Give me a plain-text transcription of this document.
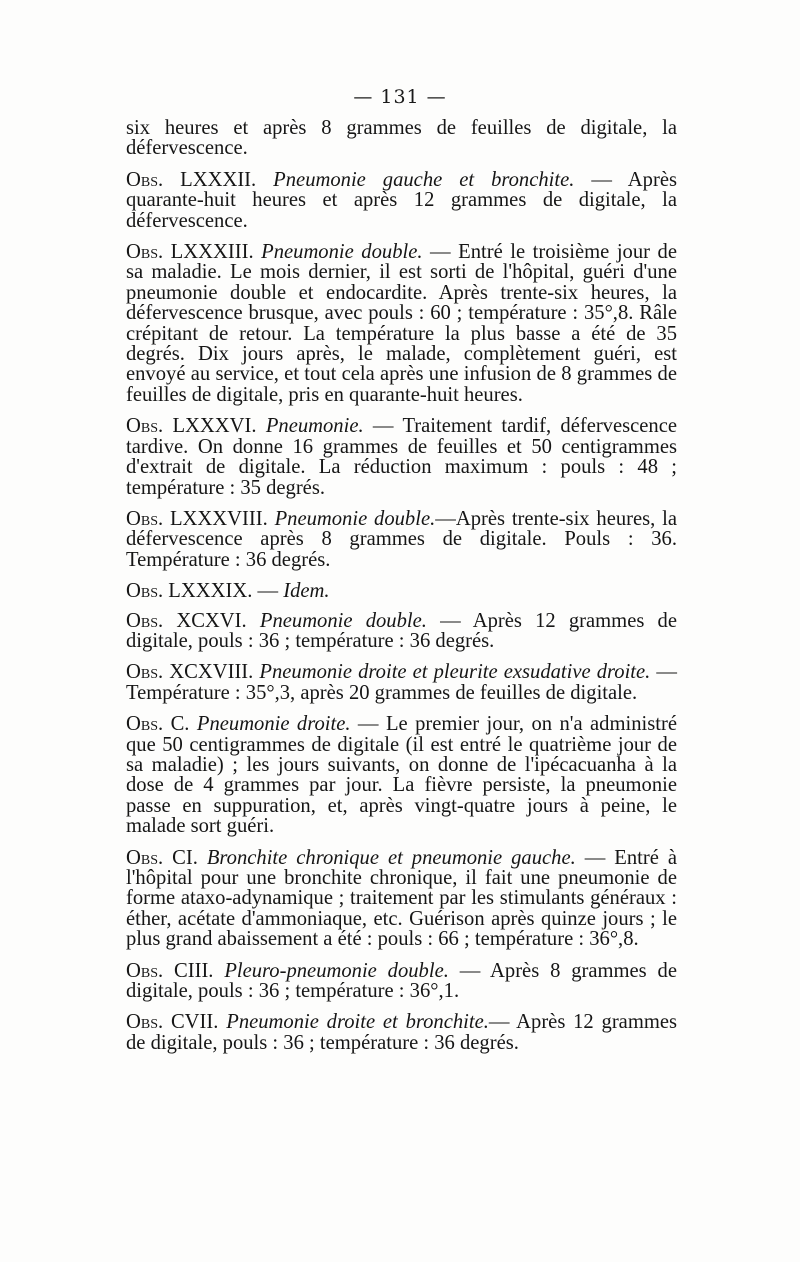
— 131 —

six heures et après 8 grammes de feuilles de digitale, la défervescence.

Obs. LXXXII. Pneumonie gauche et bronchite. — Après quarante-huit heures et après 12 grammes de digitale, la défervescence.

Obs. LXXXIII. Pneumonie double. — Entré le troisième jour de sa maladie. Le mois dernier, il est sorti de l'hôpital, guéri d'une pneumonie double et endocardite. Après trente-six heures, la défervescence brusque, avec pouls : 60 ; température : 35°,8. Râle crépitant de retour. La température la plus basse a été de 35 degrés. Dix jours après, le malade, complètement guéri, est envoyé au service, et tout cela après une infusion de 8 grammes de feuilles de digitale, pris en quarante-huit heures.

Obs. LXXXVI. Pneumonie. — Traitement tardif, défervescence tardive. On donne 16 grammes de feuilles et 50 centigrammes d'extrait de digitale. La réduction maximum : pouls : 48 ; température : 35 degrés.

Obs. LXXXVIII. Pneumonie double.—Après trente-six heures, la défervescence après 8 grammes de digitale. Pouls : 36. Température : 36 degrés.

Obs. LXXXIX. — Idem.

Obs. XCXVI. Pneumonie double. — Après 12 grammes de digitale, pouls : 36 ; température : 36 degrés.

Obs. XCXVIII. Pneumonie droite et pleurite exsudative droite. — Température : 35°,3, après 20 grammes de feuilles de digitale.

Obs. C. Pneumonie droite. — Le premier jour, on n'a administré que 50 centigrammes de digitale (il est entré le quatrième jour de sa maladie) ; les jours suivants, on donne de l'ipécacuanha à la dose de 4 grammes par jour. La fièvre persiste, la pneumonie passe en suppuration, et, après vingt-quatre jours à peine, le malade sort guéri.

Obs. CI. Bronchite chronique et pneumonie gauche. — Entré à l'hôpital pour une bronchite chronique, il fait une pneumonie de forme ataxo-adynamique ; traitement par les stimulants généraux : éther, acétate d'ammoniaque, etc. Guérison après quinze jours ; le plus grand abaissement a été : pouls : 66 ; température : 36°,8.

Obs. CIII. Pleuro-pneumonie double. — Après 8 grammes de digitale, pouls : 36 ; température : 36°,1.

Obs. CVII. Pneumonie droite et bronchite.— Après 12 grammes de digitale, pouls : 36 ; température : 36 degrés.
